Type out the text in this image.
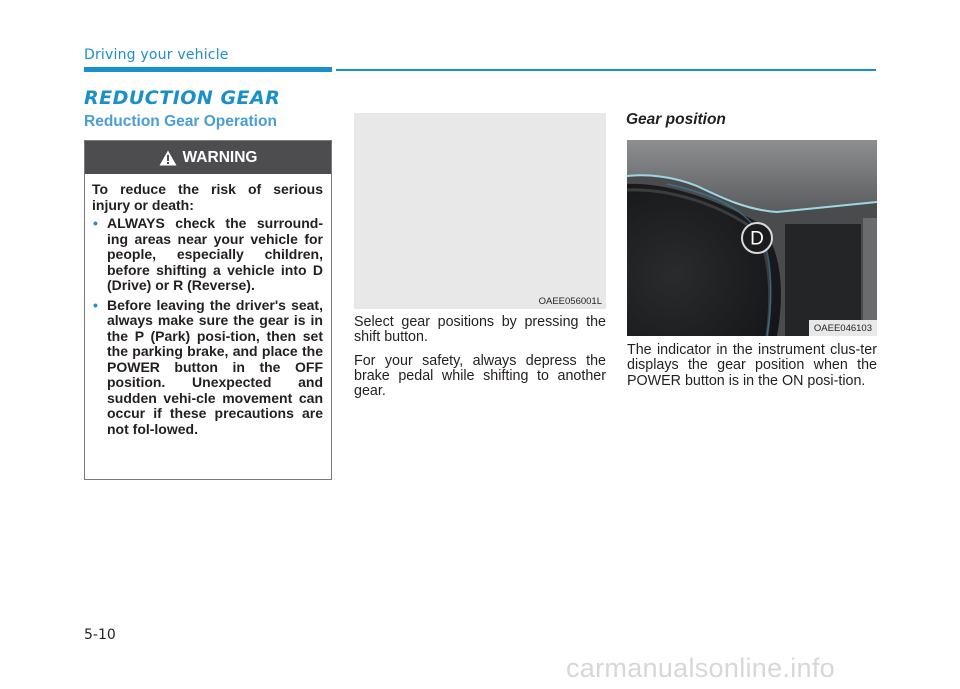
Driving your vehicle
REDUCTION GEAR
Reduction Gear Operation
WARNING

To reduce the risk of serious injury or death:

• ALWAYS check the surround-ing areas near your vehicle for people, especially children, before shifting a vehicle into D (Drive) or R (Reverse).
• Before leaving the driver's seat, always make sure the gear is in the P (Park) posi-tion, then set the parking brake, and place the POWER button in the OFF position. Unexpected and sudden vehi-cle movement can occur if these precautions are not fol-lowed.
OAEE056001L

Select gear positions by pressing the shift button.

For your safety, always depress the brake pedal while shifting to another gear.

Gear position
D
OAEE046103

The indicator in the instrument clus-ter displays the gear position when the POWER button is in the ON posi-tion.

5-10
carmanualsonline.info
